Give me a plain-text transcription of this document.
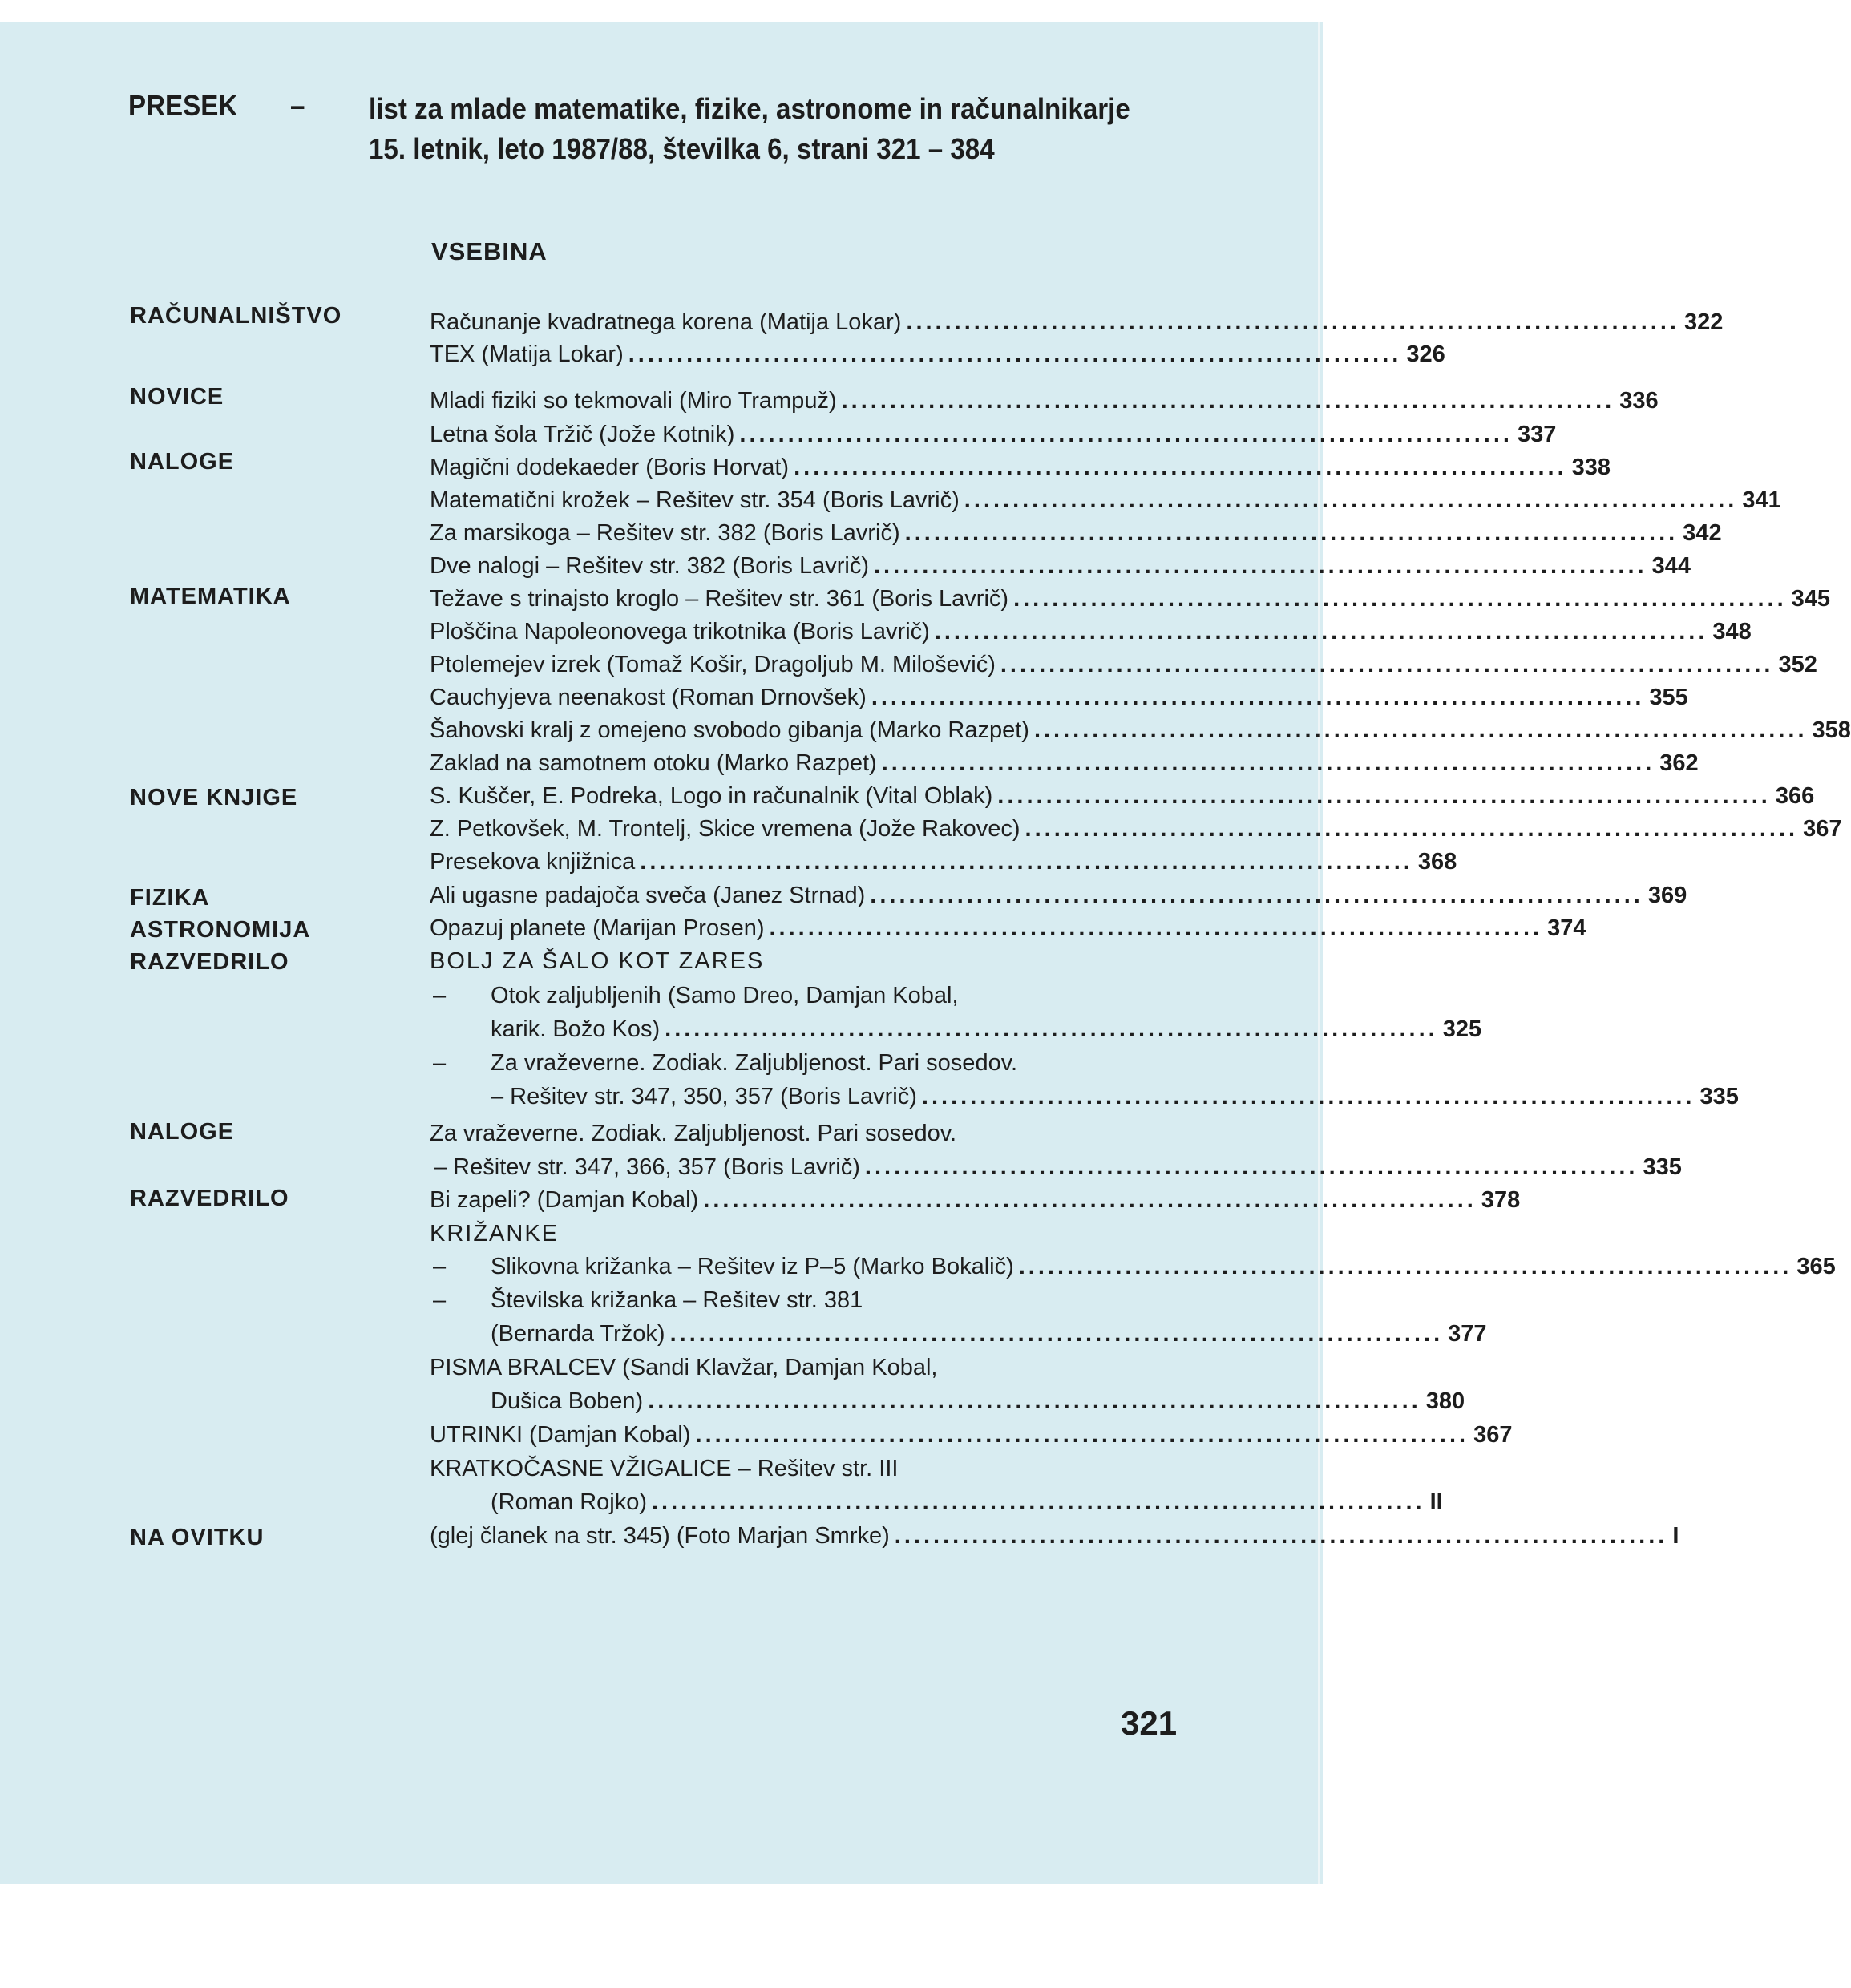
PRESEK – list za mlade matematike, fizike, astronome in računalnikarje
15. letnik, leto 1987/88, številka 6, strani 321 – 384
VSEBINA
RAČUNALNIŠTVO
NOVICE
NALOGE
MATEMATIKA
NOVE KNJIGE
FIZIKA
ASTRONOMIJA
RAZVEDRILO
NALOGE
RAZVEDRILO
NA OVITKU
Računanje kvadratnega korena (Matija Lokar) ................................................................................ 322
TEX (Matija Lokar) ................................................................................ 326
Mladi fiziki so tekmovali (Miro Trampuž) ................................................................................ 336
Letna šola Tržič (Jože Kotnik) ................................................................................ 337
Magični dodekaeder (Boris Horvat) ................................................................................ 338
Matematični krožek – Rešitev str. 354 (Boris Lavrič) ................................................................................ 341
Za marsikoga – Rešitev str. 382 (Boris Lavrič) ................................................................................ 342
Dve nalogi – Rešitev str. 382 (Boris Lavrič) ................................................................................ 344
Težave s trinajsto kroglo – Rešitev str. 361 (Boris Lavrič) ................................................................................ 345
Ploščina Napoleonovega trikotnika (Boris Lavrič) ................................................................................ 348
Ptolemejev izrek (Tomaž Košir, Dragoljub M. Milošević) ................................................................................ 352
Cauchyjeva neenakost (Roman Drnovšek) ................................................................................ 355
Šahovski kralj z omejeno svobodo gibanja (Marko Razpet) ................................................................................ 358
Zaklad na samotnem otoku (Marko Razpet) ................................................................................ 362
S. Kuščer, E. Podreka, Logo in računalnik (Vital Oblak) ................................................................................ 366
Z. Petkovšek, M. Trontelj, Skice vremena (Jože Rakovec) ................................................................................ 367
Presekova knjižnica ................................................................................ 368
Ali ugasne padajoča sveča (Janez Strnad) ................................................................................ 369
Opazuj planete (Marijan Prosen) ................................................................................ 374
BOLJ ZA ŠALO KOT ZARES
– Otok zaljubljenih (Samo Dreo, Damjan Kobal,
karik. Božo Kos) ................................................................................ 325
– Za vraževerne. Zodiak. Zaljubljenost. Pari sosedov.
– Rešitev str. 347, 350, 357 (Boris Lavrič) ................................................................................ 335
Za vraževerne. Zodiak. Zaljubljenost. Pari sosedov.
– Rešitev str. 347, 366, 357 (Boris Lavrič) ................................................................................ 335
Bi zapeli? (Damjan Kobal) ................................................................................ 378
KRIŽANKE
– Slikovna križanka – Rešitev iz P–5 (Marko Bokalič) ................................................................................ 365
– Številska križanka – Rešitev str. 381
(Bernarda Tržok) ................................................................................ 377
PISMA BRALCEV (Sandi Klavžar, Damjan Kobal,
Dušica Boben) ................................................................................ 380
UTRINKI (Damjan Kobal) ................................................................................ 367
KRATKOČASNE VŽIGALICE – Rešitev str. III
(Roman Rojko) ................................................................................ II
(glej članek na str. 345) (Foto Marjan Smrke) ................................................................................ I
321
